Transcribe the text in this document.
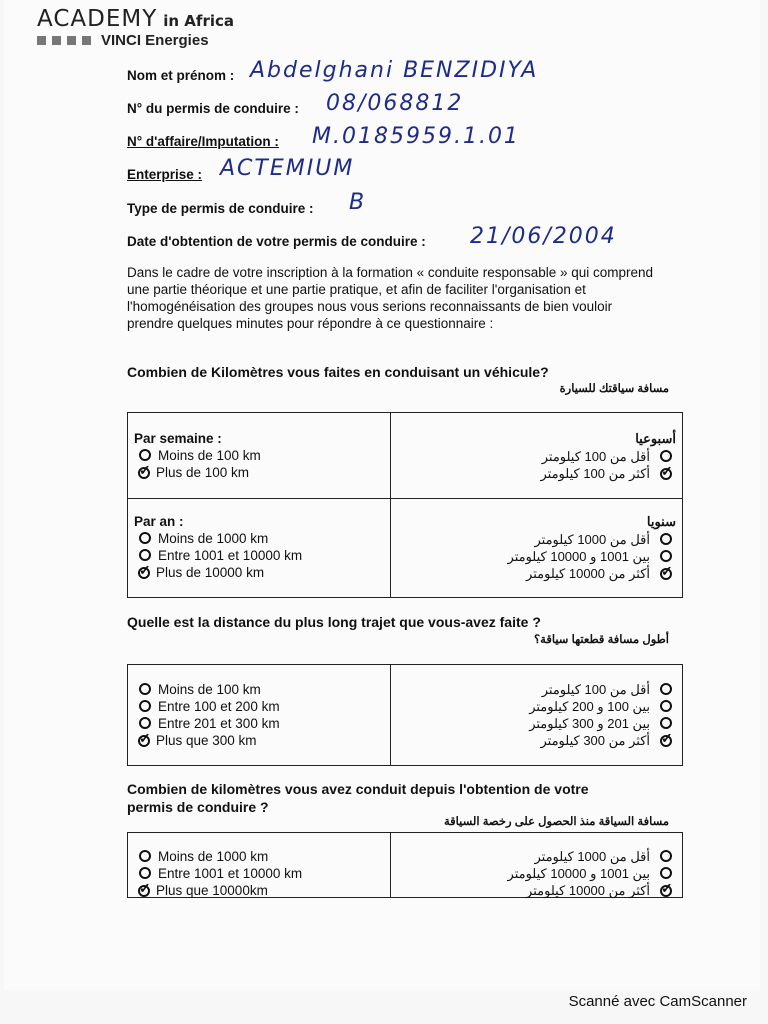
ACADEMY in Africa
VINCI Energies
Nom et prénom : Abdelghani BENZIDIYA
N° du permis de conduire : 08/068812
N° d'affaire/Imputation : M.0185959.1.01
Enterprise : ACTEMIUM
Type de permis de conduire : B
Date d'obtention de votre permis de conduire : 21/06/2004
Dans le cadre de votre inscription à la formation « conduite responsable » qui comprend une partie théorique et une partie pratique, et afin de faciliter l'organisation et l'homogénéisation des groupes nous vous serions reconnaissants de bien vouloir prendre quelques minutes pour répondre à ce questionnaire :
Combien de Kilomètres vous faites en conduisant un véhicule?
مسافة سياقتك للسيارة
Par semaine :
Moins de 100 km
✓ Plus de 100 km
أسبوعيا
أقل من 100 كيلومتر
✓
أكثر من 100 كيلومتر
Par an :
Moins de 1000 km
Entre 1001 et 10000 km
✓ Plus de 10000 km
سنويا
أقل من 1000 كيلومتر
بين 1001 و 10000 كيلومتر
✓
أكثر من 10000 كيلومتر
Quelle est la distance du plus long trajet que vous-avez faite ?
أطول مسافة قطعتها سياقة؟
Moins de 100 km
Entre 100 et 200 km
Entre 201 et 300 km
✓ Plus que 300 km
أقل من 100 كيلومتر
بين 100 و 200 كيلومتر
بين 201 و 300 كيلومتر
✓
أكثر من 300 كيلومتر
Combien de kilomètres vous avez conduit depuis l'obtention de votre
permis de conduire ?
مسافة السياقة منذ الحصول على رخصة السياقة
Moins de 1000 km
Entre 1001 et 10000 km
✓ Plus que 10000km
أقل من 1000 كيلومتر
بين 1001 و 10000 كيلومتر
✓
أكثر من 10000 كيلومتر
Scanné avec CamScanner
